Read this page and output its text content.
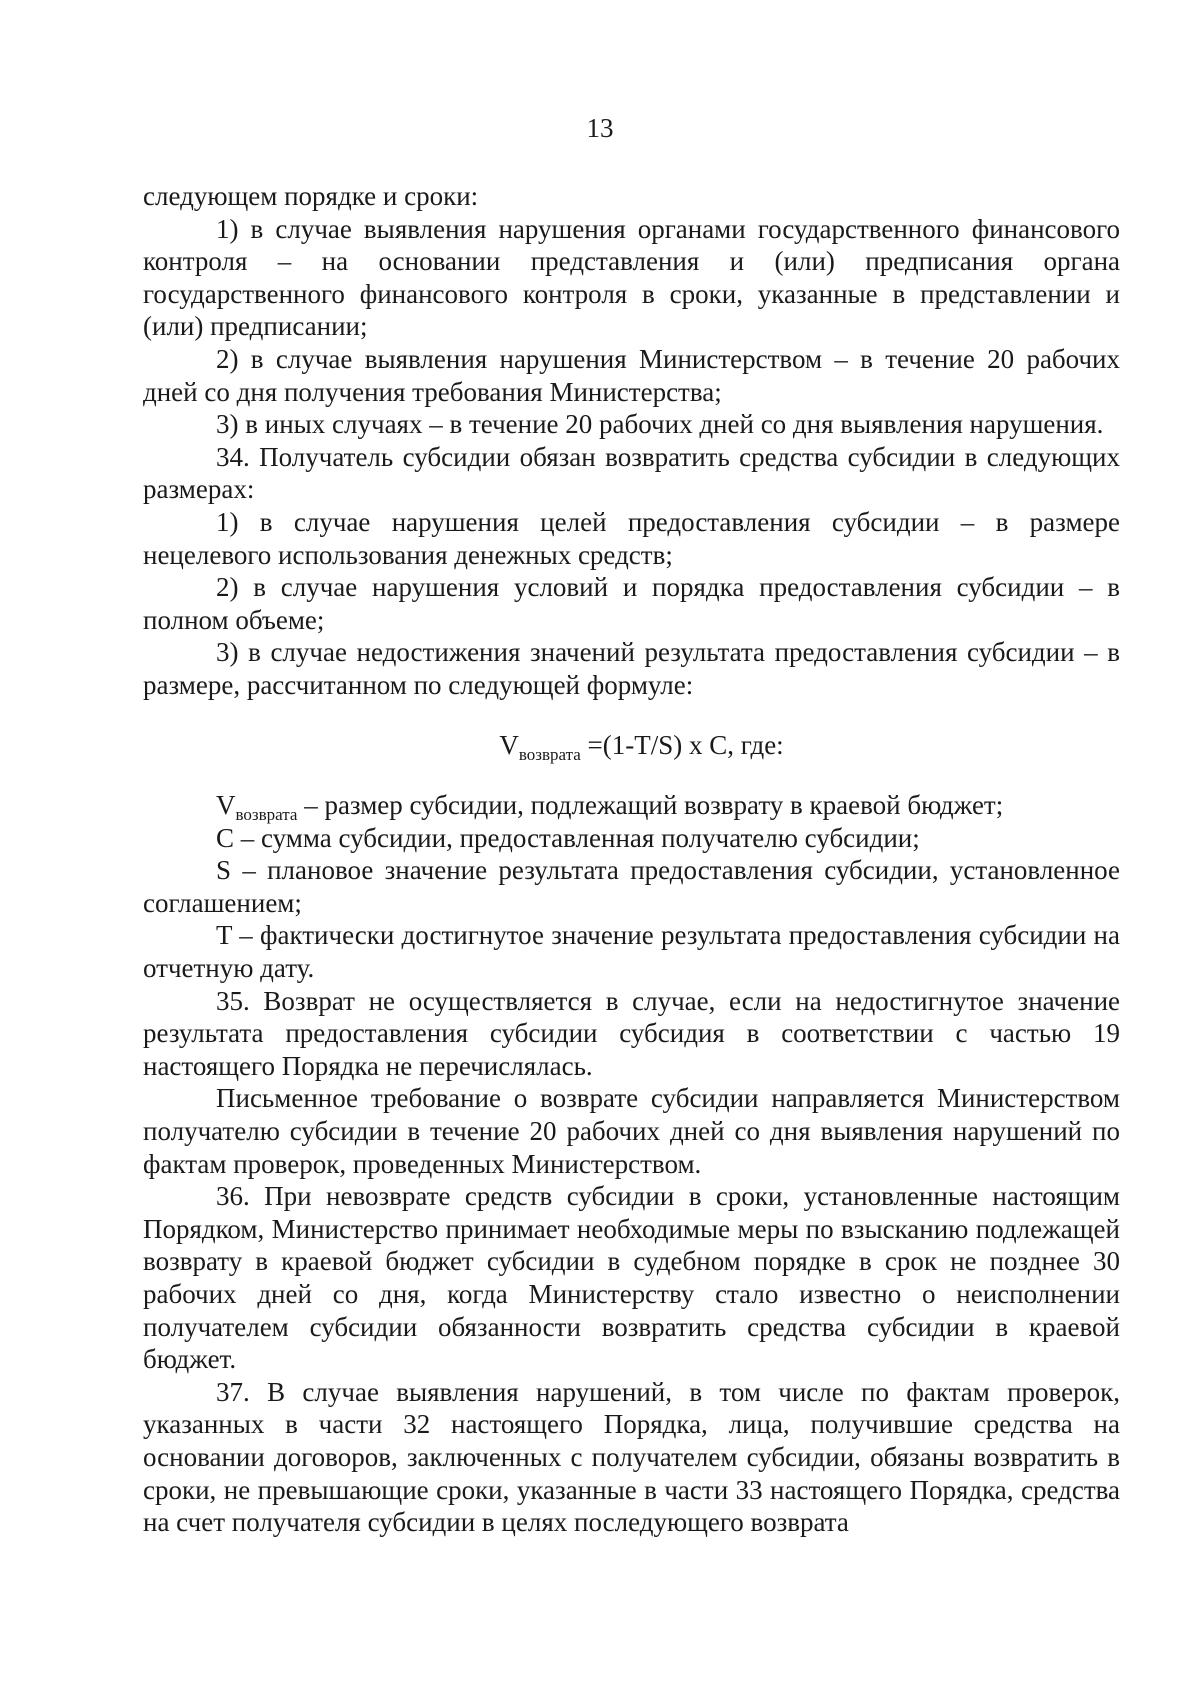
13

следующем порядке и сроки:

1) в случае выявления нарушения органами государственного финансового контроля – на основании представления и (или) предписания органа государственного финансового контроля в сроки, указанные в представлении и (или) предписании;

2) в случае выявления нарушения Министерством – в течение 20 рабочих дней со дня получения требования Министерства;

3) в иных случаях – в течение 20 рабочих дней со дня выявления нарушения.

34. Получатель субсидии обязан возвратить средства субсидии в следующих размерах:

1) в случае нарушения целей предоставления субсидии – в размере нецелевого использования денежных средств;

2) в случае нарушения условий и порядка предоставления субсидии – в полном объеме;

3) в случае недостижения значений результата предоставления субсидии – в размере, рассчитанном по следующей формуле:

$V_{возврата} =(1-T/S)$ x C, где:

$V_{возврата}$ – размер субсидии, подлежащий возврату в краевой бюджет;

C – сумма субсидии, предоставленная получателю субсидии;

S – плановое значение результата предоставления субсидии, установленное соглашением;

T – фактически достигнутое значение результата предоставления субсидии на отчетную дату.

35. Возврат не осуществляется в случае, если на недостигнутое значение результата предоставления субсидии субсидия в соответствии с частью 19 настоящего Порядка не перечислялась.

Письменное требование о возврате субсидии направляется Министерством получателю субсидии в течение 20 рабочих дней со дня выявления нарушений по фактам проверок, проведенных Министерством.

36. При невозврате средств субсидии в сроки, установленные настоящим Порядком, Министерство принимает необходимые меры по взысканию подлежащей возврату в краевой бюджет субсидии в судебном порядке в срок не позднее 30 рабочих дней со дня, когда Министерству стало известно о неисполнении получателем субсидии обязанности возвратить средства субсидии в краевой бюджет.

37. В случае выявления нарушений, в том числе по фактам проверок, указанных в части 32 настоящего Порядка, лица, получившие средства на основании договоров, заключенных с получателем субсидии, обязаны возвратить в сроки, не превышающие сроки, указанные в части 33 настоящего Порядка, средства на счет получателя субсидии в целях последующего возврата
